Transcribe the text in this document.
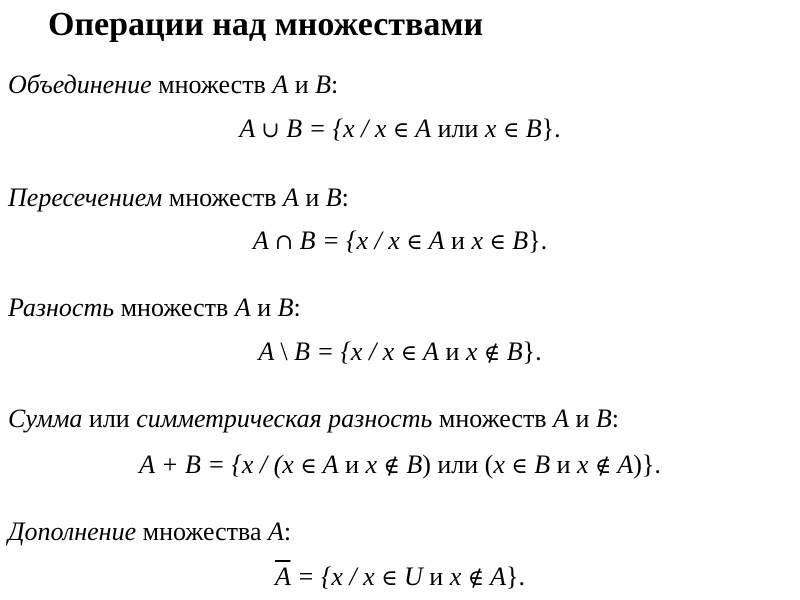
Операции над множествами
Объединение множеств A и B:
A ∪ B = {x / x ∈ A или x ∈ B}.
Пересечением множеств A и B:
A ∩ B = {x / x ∈ A и x ∈ B}.
Разность множеств A и B:
A \ B = {x / x ∈ A и x ∉ B}.
Сумма или симметрическая разность множеств A и B:
A + B = {x / (x ∈ A и x ∉ B) или (x ∈ B и x ∉ A)}.
Дополнение множества A:
$\overline{A} = \{x / x$ ∈ U и x ∉ A}.
